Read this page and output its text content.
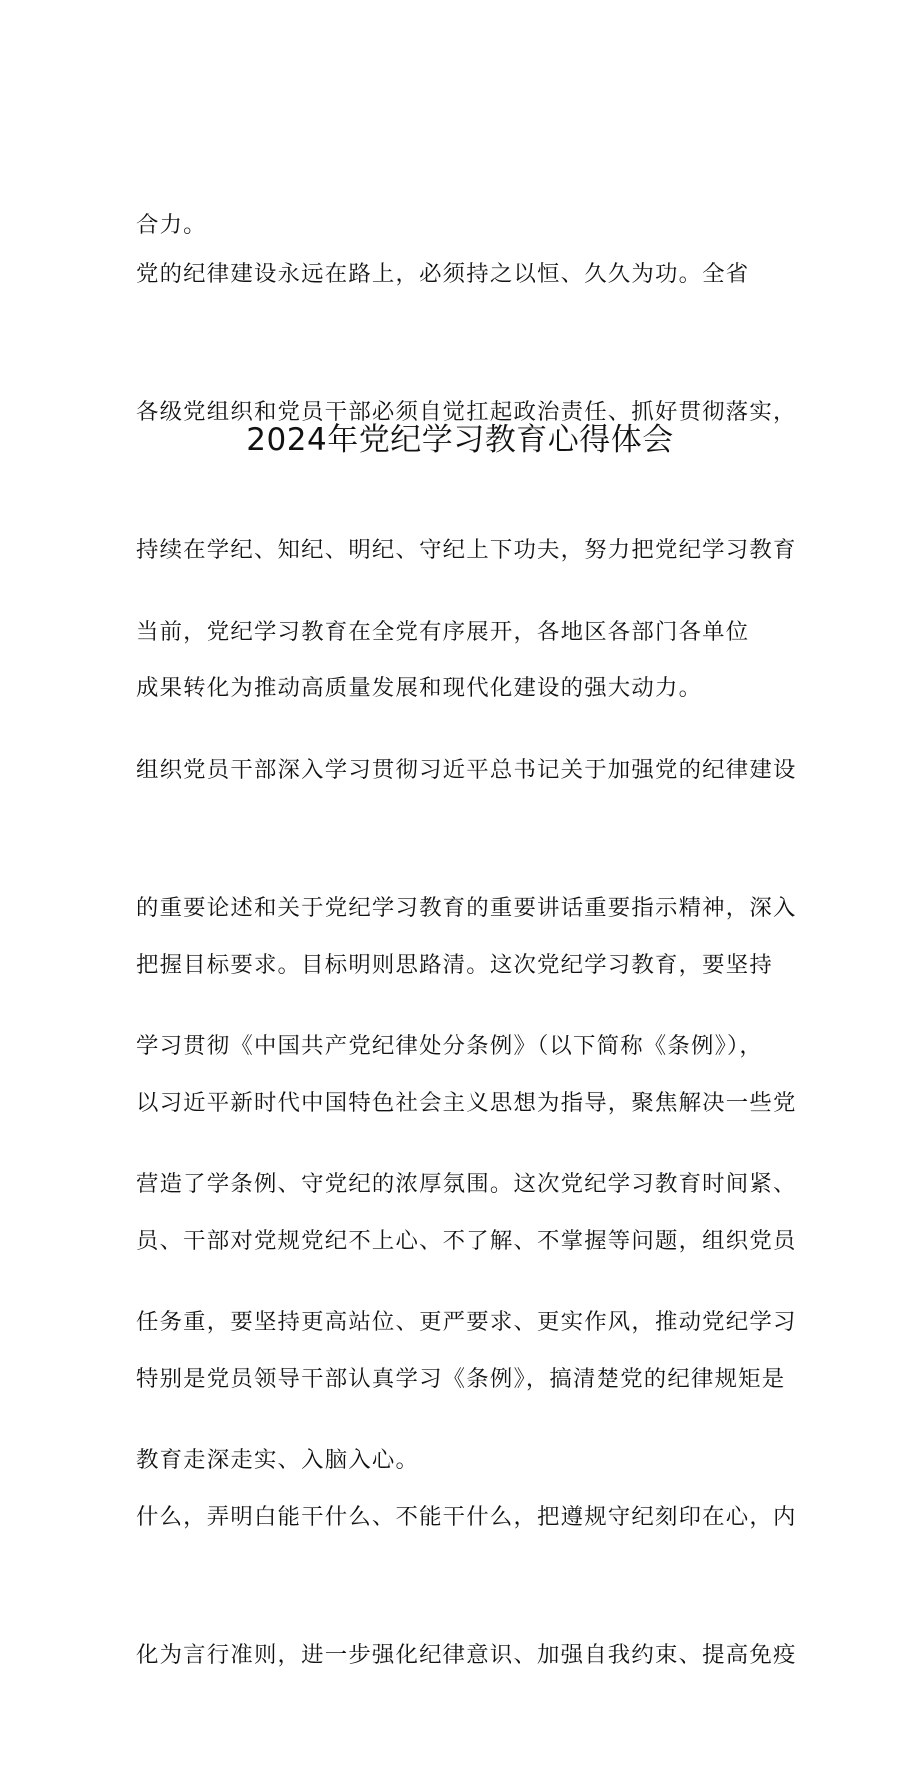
合力。

党的纪律建设永远在路上，必须持之以恒、久久为功。全省

各级党组织和党员干部必须自觉扛起政治责任、抓好贯彻落实，

持续在学纪、知纪、明纪、守纪上下功夫，努力把党纪学习教育

成果转化为推动高质量发展和现代化建设的强大动力。

2024年党纪学习教育心得体会

当前，党纪学习教育在全党有序展开，各地区各部门各单位

组织党员干部深入学习贯彻习近平总书记关于加强党的纪律建设

的重要论述和关于党纪学习教育的重要讲话重要指示精神，深入

学习贯彻《中国共产党纪律处分条例》（以下简称《条例》），

营造了学条例、守党纪的浓厚氛围。这次党纪学习教育时间紧、

任务重，要坚持更高站位、更严要求、更实作风，推动党纪学习

教育走深走实、入脑入心。

把握目标要求。目标明则思路清。这次党纪学习教育，要坚持

以习近平新时代中国特色社会主义思想为指导，聚焦解决一些党

员、干部对党规党纪不上心、不了解、不掌握等问题，组织党员

特别是党员领导干部认真学习《条例》，搞清楚党的纪律规矩是

什么，弄明白能干什么、不能干什么，把遵规守纪刻印在心，内

化为言行准则，进一步强化纪律意识、加强自我约束、提高免疫
